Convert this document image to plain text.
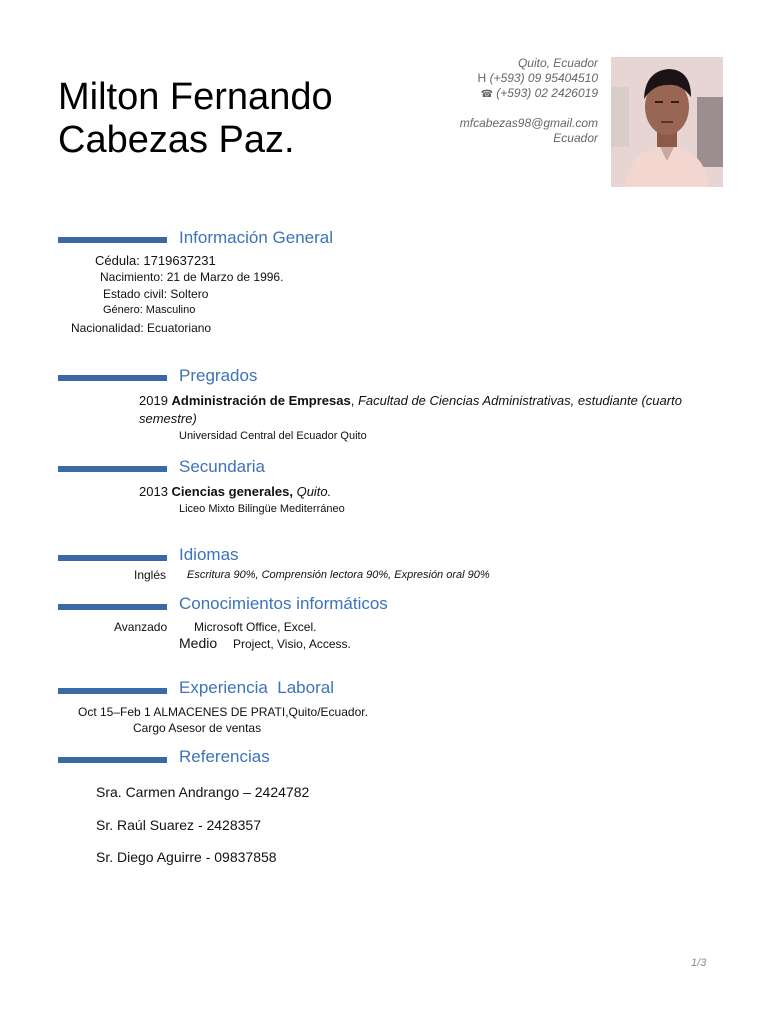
Milton Fernando
Cabezas Paz.
Quito, Ecuador
H (+593) 09 95404510
☎ (+593) 02 2426019
mfcabezas98@gmail.com
Ecuador
Información General
Cédula: 1719637231
Nacimiento: 21 de Marzo de 1996.
Estado civil: Soltero
Género: Masculino
Nacionalidad: Ecuatoriano
Pregrados
2019 Administración de Empresas, Facultad de Ciencias Administrativas, estudiante (cuarto
semestre)
Universidad Central del Ecuador Quito
Secundaria
2013 Ciencias generales, Quito.
Liceo Mixto Bilingüe Mediterráneo
Idiomas
Inglés Escritura 90%, Comprensión lectora 90%, Expresión oral 90%
Conocimientos informáticos
Avanzado Microsoft Office, Excel.
Medio Project, Visio, Access.
Experiencia  Laboral
Oct 15–Feb 1 ALMACENES DE PRATI,Quito/Ecuador.
Cargo Asesor de ventas
Referencias
Sra. Carmen Andrango – 2424782
Sr. Raúl Suarez - 2428357
Sr. Diego Aguirre - 09837858
1/3
